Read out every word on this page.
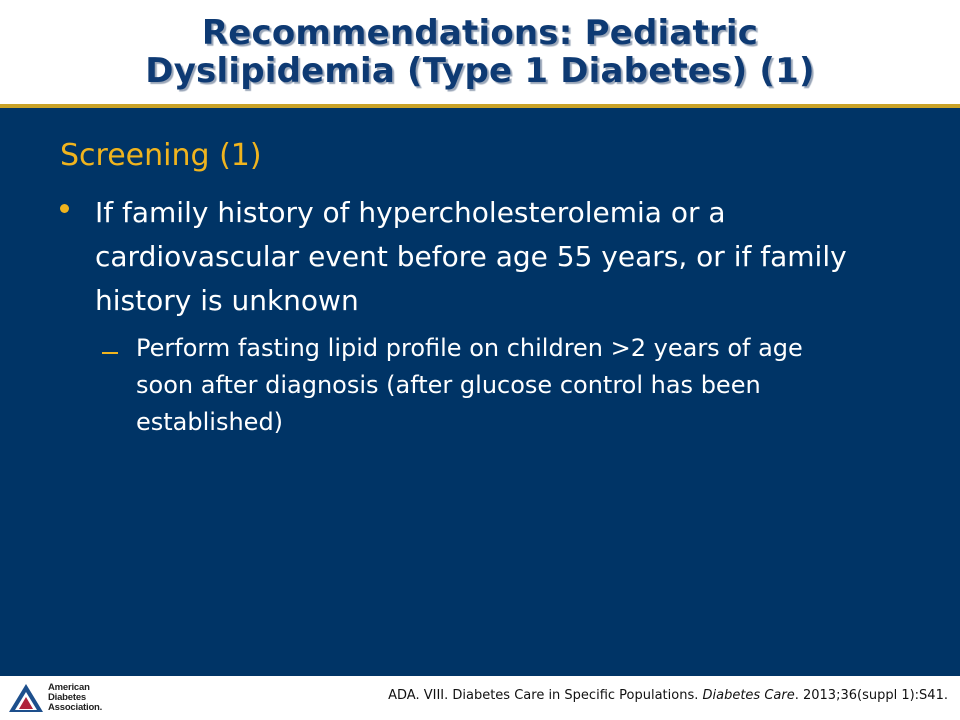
Recommendations: Pediatric
Dyslipidemia (Type 1 Diabetes) (1)
Screening (1)
If family history of hypercholesterolemia or a cardiovascular event before age 55 years, or if family history is unknown
Perform fasting lipid profile on children >2 years of age soon after diagnosis (after glucose control has been established)
American
Diabetes
Association.
ADA. VIII. Diabetes Care in Specific Populations. Diabetes Care. 2013;36(suppl 1):S41.
